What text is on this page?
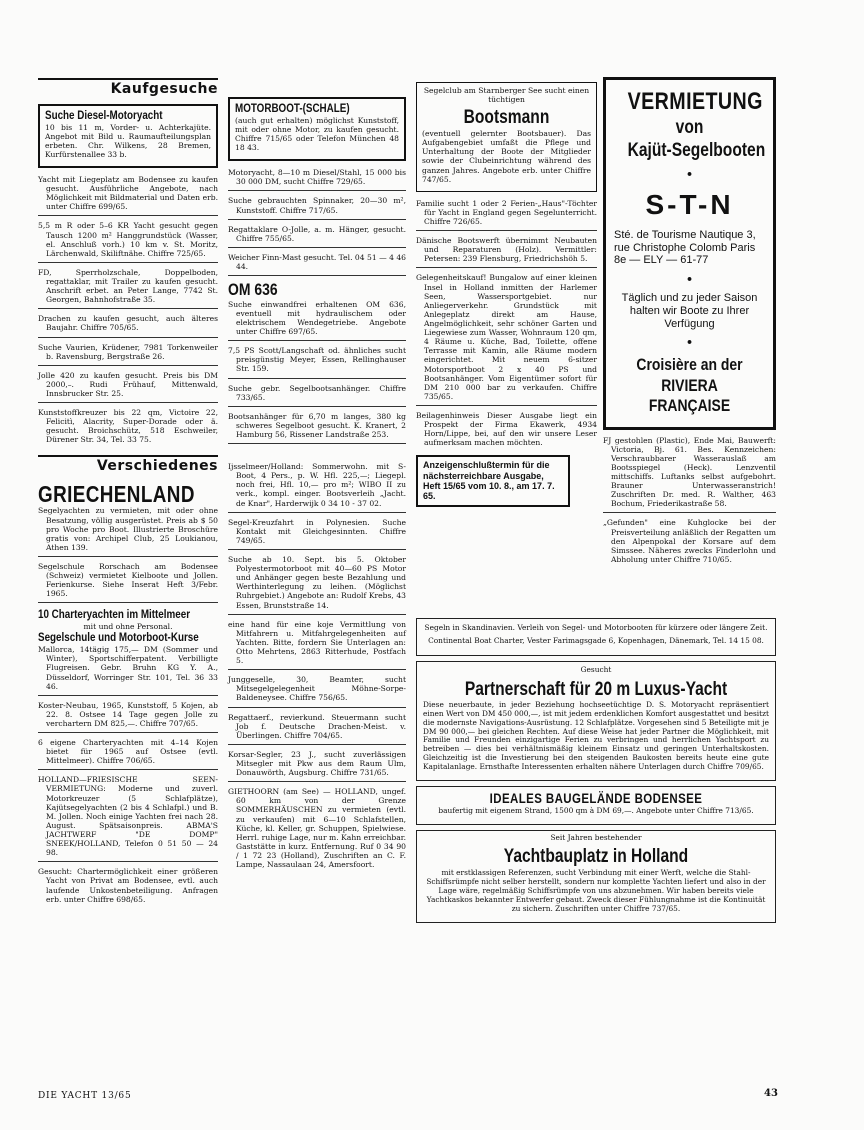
Kaufgesuche
Suche Diesel-Motoryacht

10 bis 11 m, Vorder- u. Achterkajüte. Angebot mit Bild u. Raumaufteilungsplan erbeten. Chr. Wilkens, 28 Bremen, Kurfürstenallee 33 b.

Yacht mit Liegeplatz am Bodensee zu kaufen gesucht. Ausführliche Angebote, nach Möglichkeit mit Bildmaterial und Daten erb. unter Chiffre 699/65.

5,5 m R oder 5–6 KR Yacht gesucht gegen Tausch 1200 m² Hanggrundstück (Wasser, el. Anschluß vorh.) 10 km v. St. Moritz, Lärchenwald, Skiliftnähe. Chiffre 725/65.

FD, Sperrholzschale, Doppelboden, regattaklar, mit Trailer zu kaufen gesucht. Anschrift erbet. an Peter Lange, 7742 St. Georgen, Bahnhofstraße 35.

Drachen zu kaufen gesucht, auch älteres Baujahr. Chiffre 705/65.

Suche Vaurien, Krüdener, 7981 Torkenweiler b. Ravensburg, Bergstraße 26.

Jolle 420 zu kaufen gesucht. Preis bis DM 2000,–. Rudi Frühauf, Mittenwald, Innsbrucker Str. 25.

Kunststoffkreuzer bis 22 qm, Victoire 22, Felicitì, Alacrity, Super-Dorade oder ä. gesucht. Broichschütz, 518 Eschweiler, Dürener Str. 34, Tel. 33 75.

Verschiedenes
GRIECHENLAND

Segelyachten zu vermieten, mit oder ohne Besatzung, völlig ausgerüstet. Preis ab $ 50 pro Woche pro Boot. Illustrierte Broschüre gratis von: Archipel Club, 25 Loukianou, Athen 139.

Segelschule Rorschach am Bodensee (Schweiz) vermietet Kielboote und Jollen. Ferienkurse. Siehe Inserat Heft 3/Febr. 1965.

10 Charteryachten im Mittelmeer

mit und ohne Personal.

Segelschule und Motorboot-Kurse

Mallorca, 14tägig 175,— DM (Sommer und Winter), Sportschifferpatent. Verbilligte Flugreisen. Gebr. Bruhn KG Y. A., Düsseldorf, Worringer Str. 101, Tel. 36 33 46.

Koster-Neubau, 1965, Kunststoff, 5 Kojen, ab 22. 8. Ostsee 14 Tage gegen Jolle zu verchartern DM 825,—. Chiffre 707/65.

6 eigene Charteryachten mit 4–14 Kojen bietet für 1965 auf Ostsee (evtl. Mittelmeer). Chiffre 706/65.

HOLLAND—FRIESISCHE SEEN-VERMIETUNG: Moderne und zuverl. Motorkreuzer (5 Schlafplätze), Kajütsegelyachten (2 bis 4 Schlafpl.) und B. M. Jollen. Noch einige Yachten frei nach 28. August. Spätsaisonpreis. ABMA'S JACHTWERF "DE DOMP" SNEEK/HOLLAND, Telefon 0 51 50 — 24 98.

Gesucht: Chartermöglichkeit einer größeren Yacht von Privat am Bodensee, evtl. auch laufende Unkostenbeteiligung. Anfragen erb. unter Chiffre 698/65.

MOTORBOOT-(SCHALE)

(auch gut erhalten) möglichst Kunststoff, mit oder ohne Motor, zu kaufen gesucht. Chiffre 715/65 oder Telefon München 48 18 43.

Motoryacht, 8—10 m Diesel/Stahl, 15 000 bis 30 000 DM, sucht Chiffre 729/65.

Suche gebrauchten Spinnaker, 20—30 m², Kunststoff. Chiffre 717/65.

Regattaklare O-Jolle, a. m. Hänger, gesucht. Chiffre 755/65.

Weicher Finn-Mast gesucht. Tel. 04 51 — 4 46 44.

OM 636

Suche einwandfrei erhaltenen OM 636, eventuell mit hydraulischem oder elektrischem Wendegetriebe. Angebote unter Chiffre 697/65.

7,5 PS Scott/Langschaft od. ähnliches sucht preisgünstig Meyer, Essen, Rellinghauser Str. 159.

Suche gebr. Segelbootsanhänger. Chiffre 733/65.

Bootsanhänger für 6,70 m langes, 380 kg schweres Segelboot gesucht. K. Kranert, 2 Hamburg 56, Rissener Landstraße 253.

Ijsselmeer/Holland: Sommerwohn. mit S-Boot, 4 Pers., p. W. Hfl. 225,—; Liegepl. noch frei, Hfl. 10,— pro m²; WIBO II zu verk., kompl. einger. Bootsverleih „Jacht. de Knar", Harderwijk 0 34 10 - 37 02.

Segel-Kreuzfahrt in Polynesien. Suche Kontakt mit Gleichgesinnten. Chiffre 749/65.

Suche ab 10. Sept. bis 5. Oktober Polyestermotorboot mit 40—60 PS Motor und Anhänger gegen beste Bezahlung und Werthinterlegung zu leihen. (Möglichst Ruhrgebiet.) Angebote an: Rudolf Krebs, 43 Essen, Brunststraße 14.

eine hand für eine koje Vermittlung von Mitfahrern u. Mitfahrgelegenheiten auf Yachten. Bitte, fordern Sie Unterlagen an: Otto Mehrtens, 2863 Ritterhude, Postfach 5.

Junggeselle, 30, Beamter, sucht Mitsegelgelegenheit Möhne-Sorpe-Baldeneysee. Chiffre 756/65.

Regattaerf., revierkund. Steuermann sucht Job f. Deutsche Drachen-Meist. v. Überlingen. Chiffre 704/65.

Korsar-Segler, 23 J., sucht zuverlässigen Mitsegler mit Pkw aus dem Raum Ulm, Donauwörth, Augsburg. Chiffre 731/65.

GIETHOORN (am See) — HOLLAND, ungef. 60 km von der Grenze SOMMERHÄUSCHEN zu vermieten (evtl. zu verkaufen) mit 6—10 Schlafstellen, Küche, kl. Keller, gr. Schuppen, Spielwiese. Herrl. ruhige Lage, nur m. Kahn erreichbar. Gaststätte in kurz. Entfernung. Ruf 0 34 90 / 1 72 23 (Holland), Zuschriften an C. F. Lampe, Nassaulaan 24, Amersfoort.

Segelclub am Starnberger See sucht einen tüchtigen

Bootsmann

(eventuell gelernter Bootsbauer). Das Aufgabengebiet umfaßt die Pflege und Unterhaltung der Boote der Mitglieder sowie der Clubeinrichtung während des ganzen Jahres. Angebote erb. unter Chiffre 747/65.

Familie sucht 1 oder 2 Ferien-„Haus"-Töchter für Yacht in England gegen Segelunterricht. Chiffre 726/65.

Dänische Bootswerft übernimmt Neubauten und Reparaturen (Holz). Vermittler: Petersen: 239 Flensburg, Friedrichshöh 5.

Gelegenheitskauf! Bungalow auf einer kleinen Insel in Holland inmitten der Harlemer Seen, Wassersportgebiet. nur Anliegerverkehr. Grundstück mit Anlegeplatz direkt am Hause, Angelmöglichkeit, sehr schöner Garten und Liegewiese zum Wasser, Wohnraum 120 qm, 4 Räume u. Küche, Bad, Toilette, offene Terrasse mit Kamin, alle Räume modern eingerichtet. Mit neuem 6-sitzer Motorsportboot 2 x 40 PS und Bootsanhänger. Vom Eigentümer sofort für DM 210 000 bar zu verkaufen. Chiffre 735/65.

Beilagenhinweis Dieser Ausgabe liegt ein Prospekt der Firma Ekawerk, 4934 Horn/Lippe, bei, auf den wir unsere Leser aufmerksam machen möchten.

Anzeigenschlußtermin für die nächsterreichbare Ausgabe, Heft 15/65 vom 10. 8., am 17. 7. 65.
VERMIETUNG
von
Kajüt-Segelbooten
•
S-T-N
Sté. de Tourisme Nautique 3, rue Christophe Colomb Paris 8e — ELY — 61-77
•
Täglich und zu jeder Saison halten wir Boote zu Ihrer Verfügung
•
Croisière an der RIVIERA FRANÇAISE

FJ gestohlen (Plastic), Ende Mai, Bauwerft: Victoria, Bj. 61. Bes. Kennzeichen: Verschraubbarer Wasserauslaß am Bootsspiegel (Heck). Lenzventil mittschiffs. Luftanks selbst aufgebohrt. Brauner Unterwasseranstrich! Zuschriften Dr. med. R. Walther, 463 Bochum, Friederikastraße 58.

„Gefunden" eine Kuhglocke bei der Preisverteilung anläßlich der Regatten um den Alpenpokal der Korsare auf dem Simssee. Näheres zwecks Finderlohn und Abholung unter Chiffre 710/65.

Segeln in Skandinavien. Verleih von Segel- und Motorbooten für kürzere oder längere Zeit. Continental Boat Charter, Vester Farimagsgade 6, Kopenhagen, Dänemark, Tel. 14 15 08.

Gesucht

Partnerschaft für 20 m Luxus-Yacht

Diese neuerbaute, in jeder Beziehung hochseetüchtige D. S. Motoryacht repräsentiert einen Wert von DM 450 000,—, ist mit jedem erdenklichen Komfort ausgestattet und besitzt die modernste Navigations-Ausrüstung. 12 Schlafplätze. Vorgesehen sind 5 Beteiligte mit je DM 90 000,— bei gleichen Rechten. Auf diese Weise hat jeder Partner die Möglichkeit, mit Familie und Freunden einzigartige Ferien zu verbringen und herrlichen Yachtsport zu betreiben — dies bei verhältnismäßig kleinem Einsatz und geringen Unterhaltskosten. Gleichzeitig ist die Investierung bei den steigenden Baukosten bereits heute eine gute Kapitalanlage. Ernsthafte Interessenten erhalten nähere Unterlagen durch Chiffre 709/65.

IDEALES BAUGELÄNDE BODENSEE

baufertig mit eigenem Strand, 1500 qm à DM 69,—. Angebote unter Chiffre 713/65.

Seit Jahren bestehender

Yachtbauplatz in Holland

mit erstklassigen Referenzen, sucht Verbindung mit einer Werft, welche die Stahl-Schiffsrümpfe nicht selber herstellt, sondern nur komplette Yachten liefert und also in der Lage wäre, regelmäßig Schiffsrümpfe von uns abzunehmen. Wir haben bereits viele Yachtkaskos bekannter Entwerfer gebaut. Zweck dieser Fühlungnahme ist die Kontinuität zu sichern. Zuschriften unter Chiffre 737/65.

DIE YACHT 13/65	43
